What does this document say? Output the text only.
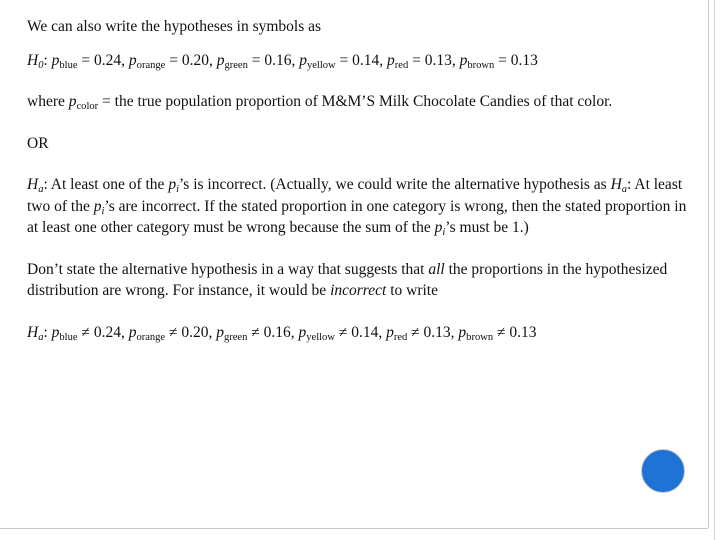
We can also write the hypotheses in symbols as

$H_0$: $p_{blue} = 0.24$, $p_{orange} = 0.20$, $p_{green} = 0.16$, $p_{yellow} = 0.14$, $p_{red} = 0.13$, $p_{brown} = 0.13$

where $p_{color}$ = the true population proportion of M&M’S Milk Chocolate Candies of that color.

OR

$H_a$: At least one of the $p_i’s$ is incorrect. (Actually, we could write the alternative hypothesis as $H_a$: At least two of the $p_i’s$ are incorrect. If the stated proportion in one category is wrong, then the stated proportion in at least one other category must be wrong because the sum of the $p_i’s$ must be 1.)

Don’t state the alternative hypothesis in a way that suggests that all the proportions in the hypothesized distribution are wrong. For instance, it would be incorrect to write

$H_a$: $p_{blue} \ne 0.24$, $p_{orange} \ne 0.20$, $p_{green} \ne 0.16$, $p_{yellow} \ne 0.14$, $p_{red} \ne 0.13$, $p_{brown} \ne 0.13$
